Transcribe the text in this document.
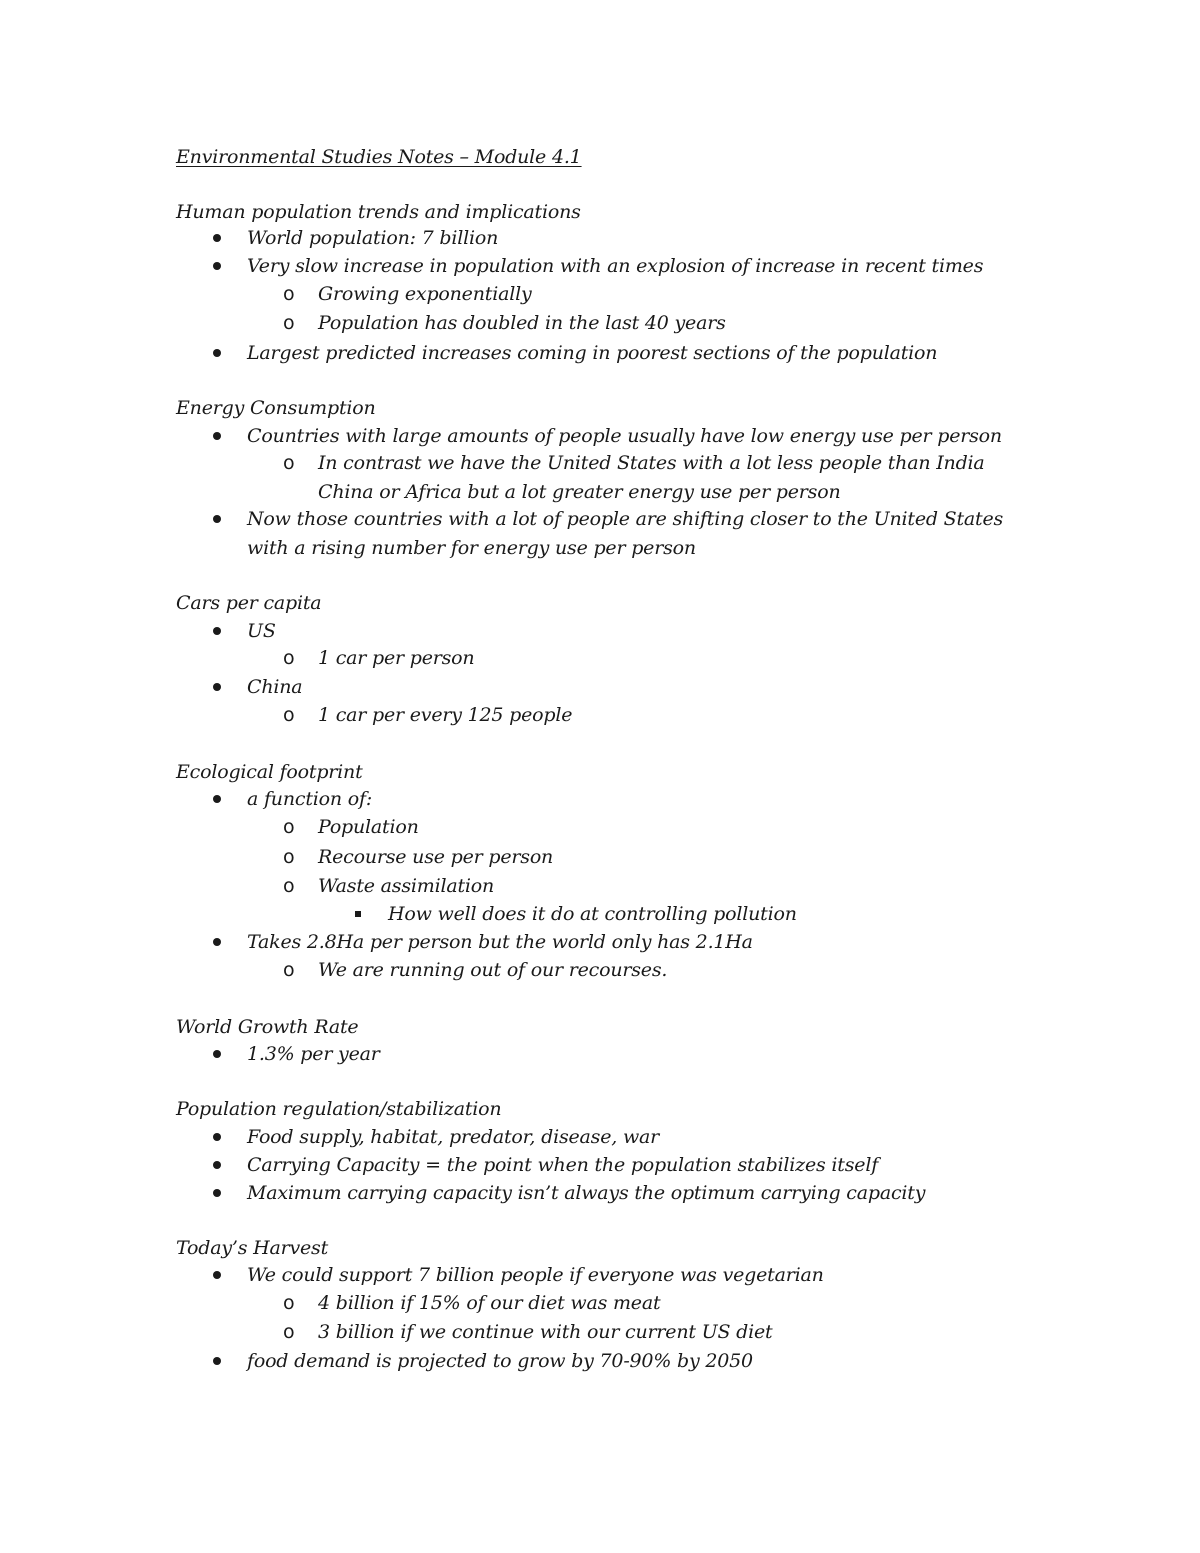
Environmental Studies Notes – Module 4.1
Human population trends and implications
World population: 7 billion
Very slow increase in population with an explosion of increase in recent times
o Growing exponentially
o Population has doubled in the last 40 years
Largest predicted increases coming in poorest sections of the population
Energy Consumption
Countries with large amounts of people usually have low energy use per person
o In contrast we have the United States with a lot less people than India
China or Africa but a lot greater energy use per person
Now those countries with a lot of people are shifting closer to the United States
with a rising number for energy use per person
Cars per capita
US
o 1 car per person
China
o 1 car per every 125 people
Ecological footprint
a function of:
o Population
o Recourse use per person
o Waste assimilation
How well does it do at controlling pollution
Takes 2.8Ha per person but the world only has 2.1Ha
o We are running out of our recourses.
World Growth Rate
1.3% per year
Population regulation/stabilization
Food supply, habitat, predator, disease, war
Carrying Capacity = the point when the population stabilizes itself
Maximum carrying capacity isn’t always the optimum carrying capacity
Today’s Harvest
We could support 7 billion people if everyone was vegetarian
o 4 billion if 15% of our diet was meat
o 3 billion if we continue with our current US diet
food demand is projected to grow by 70-90% by 2050
